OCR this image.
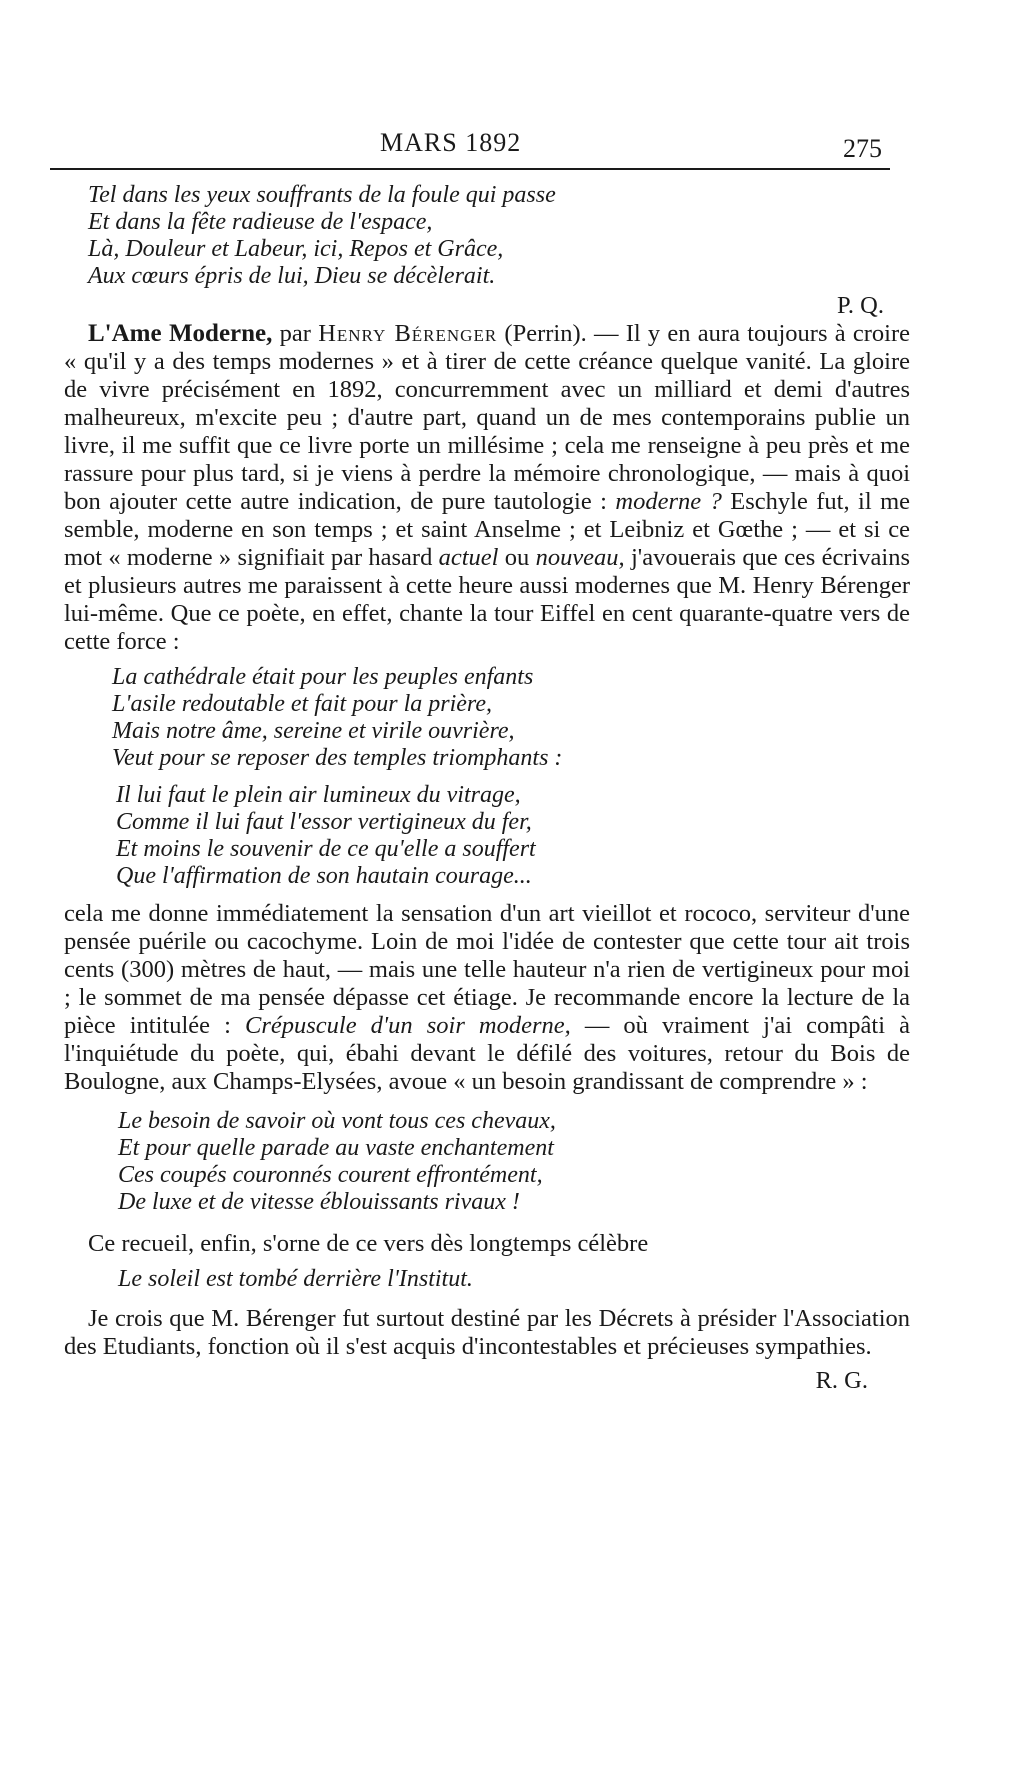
MARS 1892	275

Tel dans les yeux souffrants de la foule qui passe

Et dans la fête radieuse de l'espace,

Là, Douleur et Labeur, ici, Repos et Grâce,

Aux cœurs épris de lui, Dieu se décèlerait.

P. Q.

L'Ame Moderne, par Henry Bérenger (Perrin). — Il y en aura toujours à croire « qu'il y a des temps modernes » et à tirer de cette créance quelque vanité. La gloire de vivre précisément en 1892, concurremment avec un milliard et demi d'autres malheureux, m'excite peu ; d'autre part, quand un de mes contemporains publie un livre, il me suffit que ce livre porte un millésime ; cela me renseigne à peu près et me rassure pour plus tard, si je viens à perdre la mémoire chronologique, — mais à quoi bon ajouter cette autre indication, de pure tautologie : moderne ? Eschyle fut, il me semble, moderne en son temps ; et saint Anselme ; et Leibniz et Gœthe ; — et si ce mot « moderne » signifiait par hasard actuel ou nouveau, j'avouerais que ces écrivains et plusieurs autres me paraissent à cette heure aussi modernes que M. Henry Bérenger lui-même. Que ce poète, en effet, chante la tour Eiffel en cent quarante-quatre vers de cette force :

La cathédrale était pour les peuples enfants

L'asile redoutable et fait pour la prière,

Mais notre âme, sereine et virile ouvrière,

Veut pour se reposer des temples triomphants :

Il lui faut le plein air lumineux du vitrage,

Comme il lui faut l'essor vertigineux du fer,

Et moins le souvenir de ce qu'elle a souffert

Que l'affirmation de son hautain courage...

cela me donne immédiatement la sensation d'un art vieillot et rococo, serviteur d'une pensée puérile ou cacochyme. Loin de moi l'idée de contester que cette tour ait trois cents (300) mètres de haut, — mais une telle hauteur n'a rien de vertigineux pour moi ; le sommet de ma pensée dépasse cet étiage. Je recommande encore la lecture de la pièce intitulée : Crépuscule d'un soir moderne, — où vraiment j'ai compâti à l'inquiétude du poète, qui, ébahi devant le défilé des voitures, retour du Bois de Boulogne, aux Champs-Elysées, avoue « un besoin grandissant de comprendre » :

Le besoin de savoir où vont tous ces chevaux,

Et pour quelle parade au vaste enchantement

Ces coupés couronnés courent effrontément,

De luxe et de vitesse éblouissants rivaux !

Ce recueil, enfin, s'orne de ce vers dès longtemps célèbre

Le soleil est tombé derrière l'Institut.

Je crois que M. Bérenger fut surtout destiné par les Décrets à présider l'Association des Etudiants, fonction où il s'est acquis d'incontestables et précieuses sympathies.

R. G.
